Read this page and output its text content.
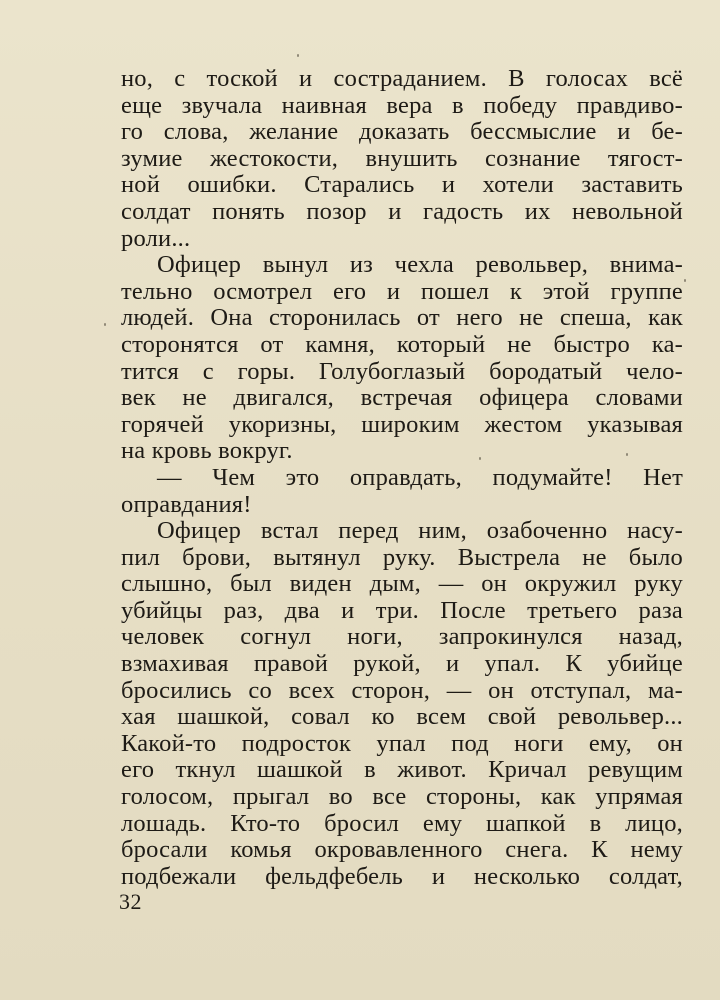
но, с тоской и состраданием. В голосах всё
еще звучала наивная вера в победу правдиво-
го слова, желание доказать бессмыслие и бе-
зумие жестокости, внушить сознание тягост-
ной ошибки. Старались и хотели заставить
солдат понять позор и гадость их невольной
роли...
Офицер вынул из чехла револьвер, внима-
тельно осмотрел его и пошел к этой группе
людей. Она сторонилась от него не спеша, как
сторонятся от камня, который не быстро ка-
тится с горы. Голубоглазый бородатый чело-
век не двигался, встречая офицера словами
горячей укоризны, широким жестом указывая
на кровь вокруг.
— Чем это оправдать, подумайте! Нет
оправдания!
Офицер встал перед ним, озабоченно насу-
пил брови, вытянул руку. Выстрела не было
слышно, был виден дым, — он окружил руку
убийцы раз, два и три. После третьего раза
человек согнул ноги, запрокинулся назад,
взмахивая правой рукой, и упал. К убийце
бросились со всех сторон, — он отступал, ма-
хая шашкой, совал ко всем свой револьвер...
Какой-то подросток упал под ноги ему, он
его ткнул шашкой в живот. Кричал ревущим
голосом, прыгал во все стороны, как упрямая
лошадь. Кто-то бросил ему шапкой в лицо,
бросали комья окровавленного снега. К нему
подбежали фельдфебель и несколько солдат,
32
